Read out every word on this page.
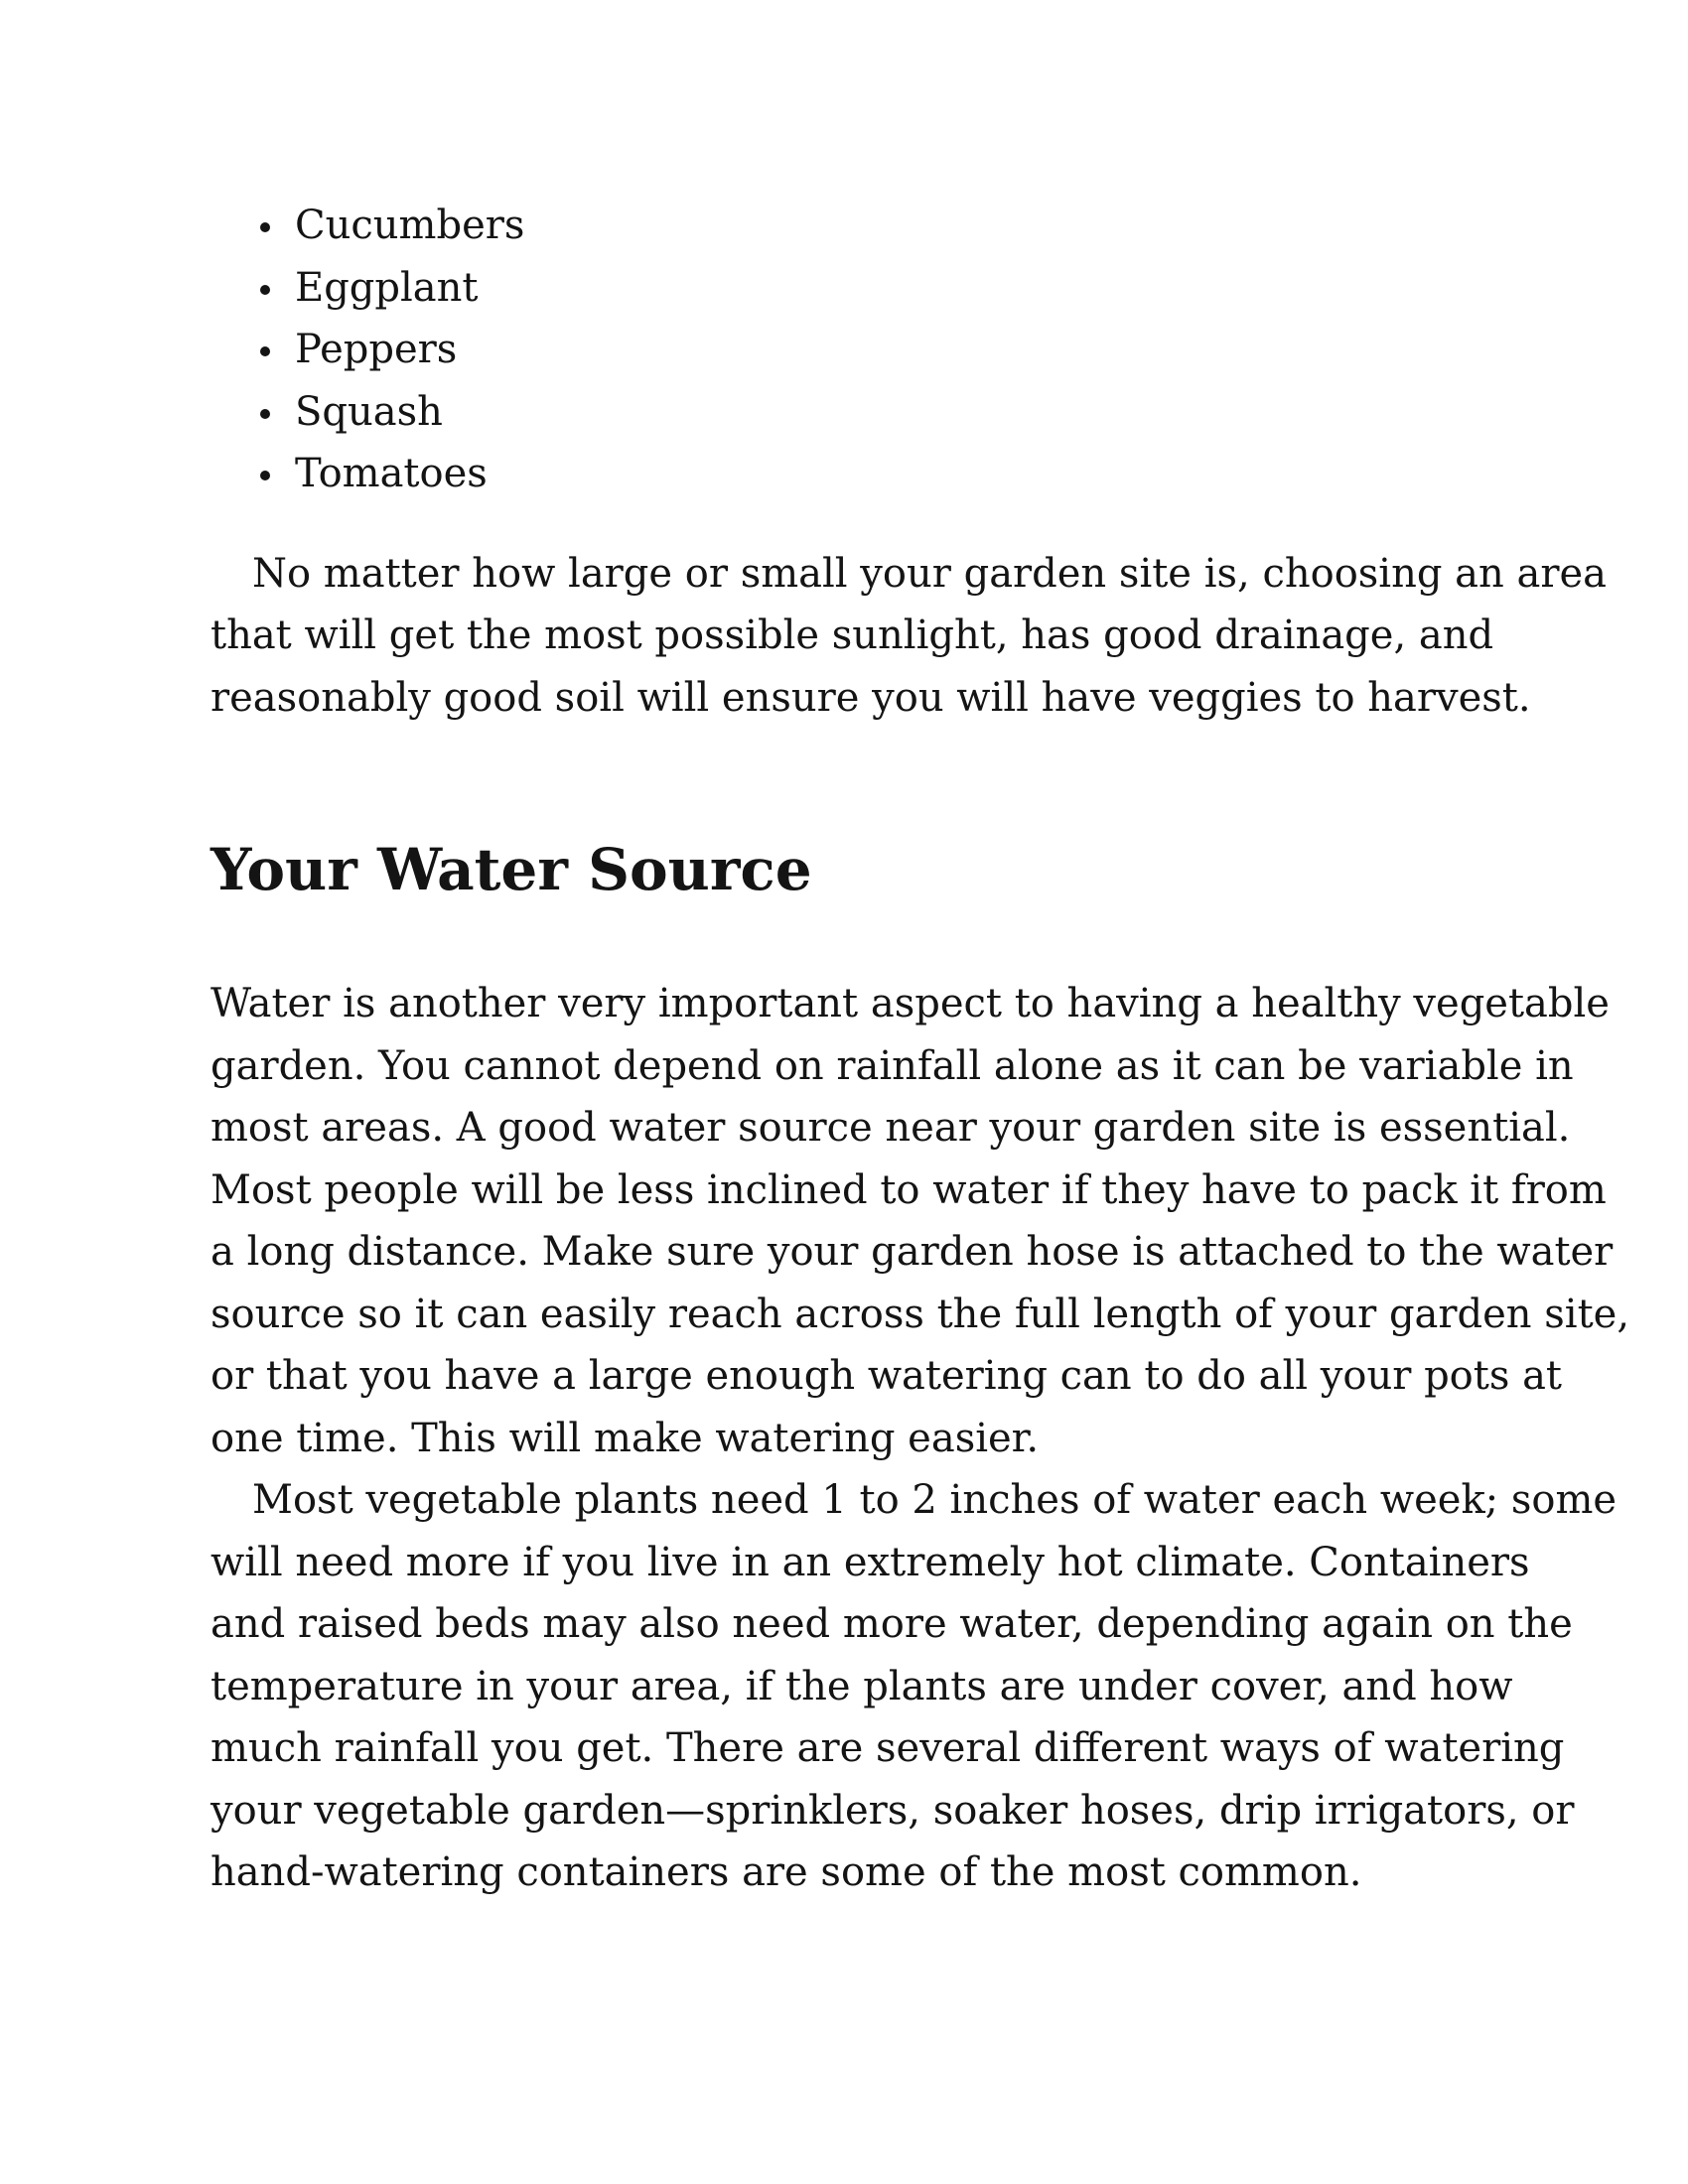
Cucumbers
Eggplant
Peppers
Squash
Tomatoes

No matter how large or small your garden site is, choosing an area
that will get the most possible sunlight, has good drainage, and
reasonably good soil will ensure you will have veggies to harvest.

Your Water Source

Water is another very important aspect to having a healthy vegetable
garden. You cannot depend on rainfall alone as it can be variable in
most areas. A good water source near your garden site is essential.
Most people will be less inclined to water if they have to pack it from
a long distance. Make sure your garden hose is attached to the water
source so it can easily reach across the full length of your garden site,
or that you have a large enough watering can to do all your pots at
one time. This will make watering easier.

Most vegetable plants need 1 to 2 inches of water each week; some
will need more if you live in an extremely hot climate. Containers
and raised beds may also need more water, depending again on the
temperature in your area, if the plants are under cover, and how
much rainfall you get. There are several different ways of watering
your vegetable garden—sprinklers, soaker hoses, drip irrigators, or
hand-watering containers are some of the most common.
